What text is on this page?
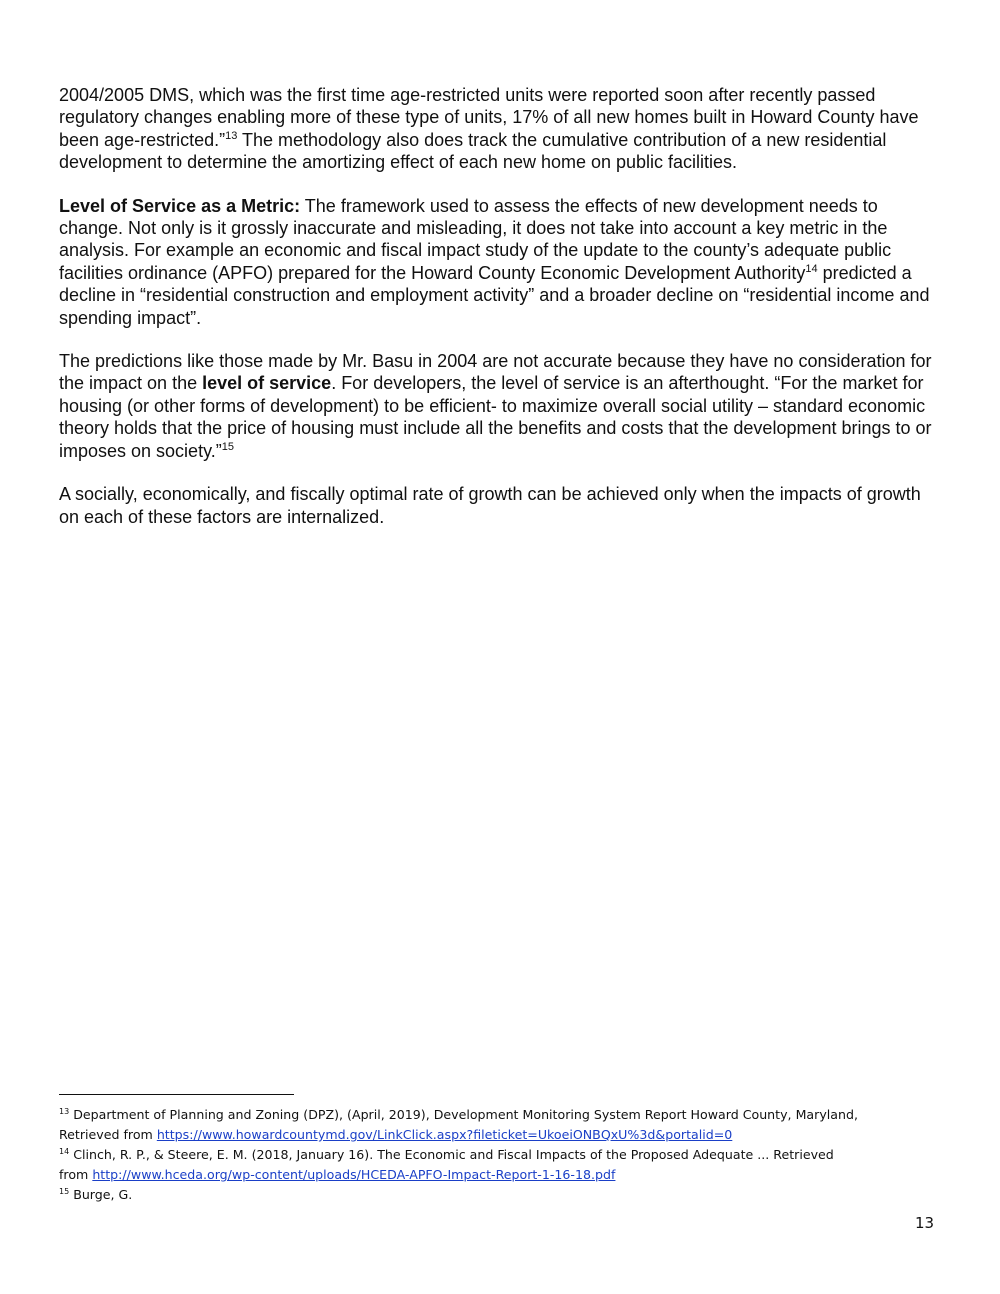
2004/2005 DMS, which was the first time age-restricted units were reported soon after recently passed regulatory changes enabling more of these type of units, 17% of all new homes built in Howard County have been age-restricted.”$^{13}$ The methodology also does track the cumulative contribution of a new residential development to determine the amortizing effect of each new home on public facilities.

Level of Service as a Metric: The framework used to assess the effects of new development needs to change. Not only is it grossly inaccurate and misleading, it does not take into account a key metric in the analysis. For example an economic and fiscal impact study of the update to the county’s adequate public facilities ordinance (APFO) prepared for the Howard County Economic Development Authority$^{14}$ predicted a decline in “residential construction and employment activity” and a broader decline on “residential income and spending impact”.

The predictions like those made by Mr. Basu in 2004 are not accurate because they have no consideration for the impact on the level of service. For developers, the level of service is an afterthought. “For the market for housing (or other forms of development) to be efficient- to maximize overall social utility – standard economic theory holds that the price of housing must include all the benefits and costs that the development brings to or imposes on society.”$^{15}$

A socially, economically, and fiscally optimal rate of growth can be achieved only when the impacts of growth on each of these factors are internalized.

$^{13}$ Department of Planning and Zoning (DPZ), (April, 2019), Development Monitoring System Report Howard County, Maryland,

Retrieved from https://www.howardcountymd.gov/LinkClick.aspx?fileticket=UkoeiONBQxU%3d&portalid=0

$^{14}$ Clinch, R. P., & Steere, E. M. (2018, January 16). The Economic and Fiscal Impacts of the Proposed Adequate ... Retrieved

from http://www.hceda.org/wp-content/uploads/HCEDA-APFO-Impact-Report-1-16-18.pdf

$^{15}$ Burge, G.

13
